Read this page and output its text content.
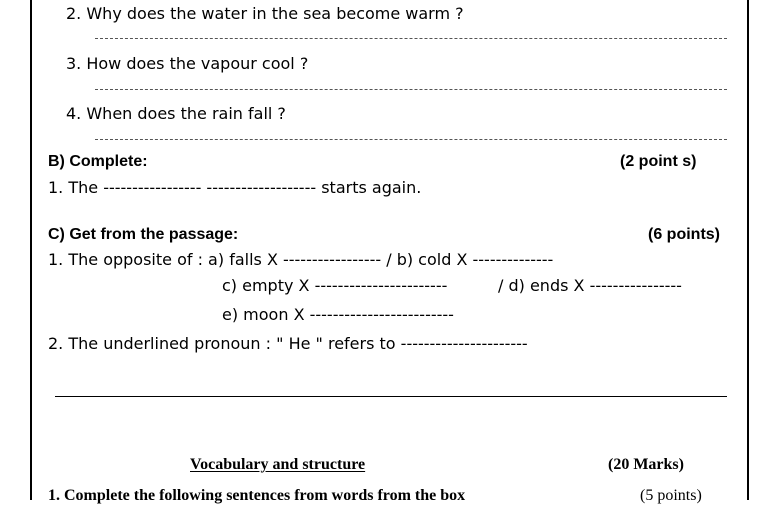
2. Why does the water in the sea become warm ?
3. How does the vapour cool ?
4. When does the rain fall ?
B) Complete:	(2 point s)
1. The ----------------- ------------------- starts again.
C) Get from the passage:	(6 points)
1. The opposite of : a) falls X ----------------- / b) cold X --------------
c) empty X -----------------------	/ d) ends X ----------------
e) moon X -------------------------
2. The underlined pronoun : " He " refers to ----------------------
Vocabulary and structure	(20 Marks)
1. Complete the following sentences from words from the box	(5 points)
